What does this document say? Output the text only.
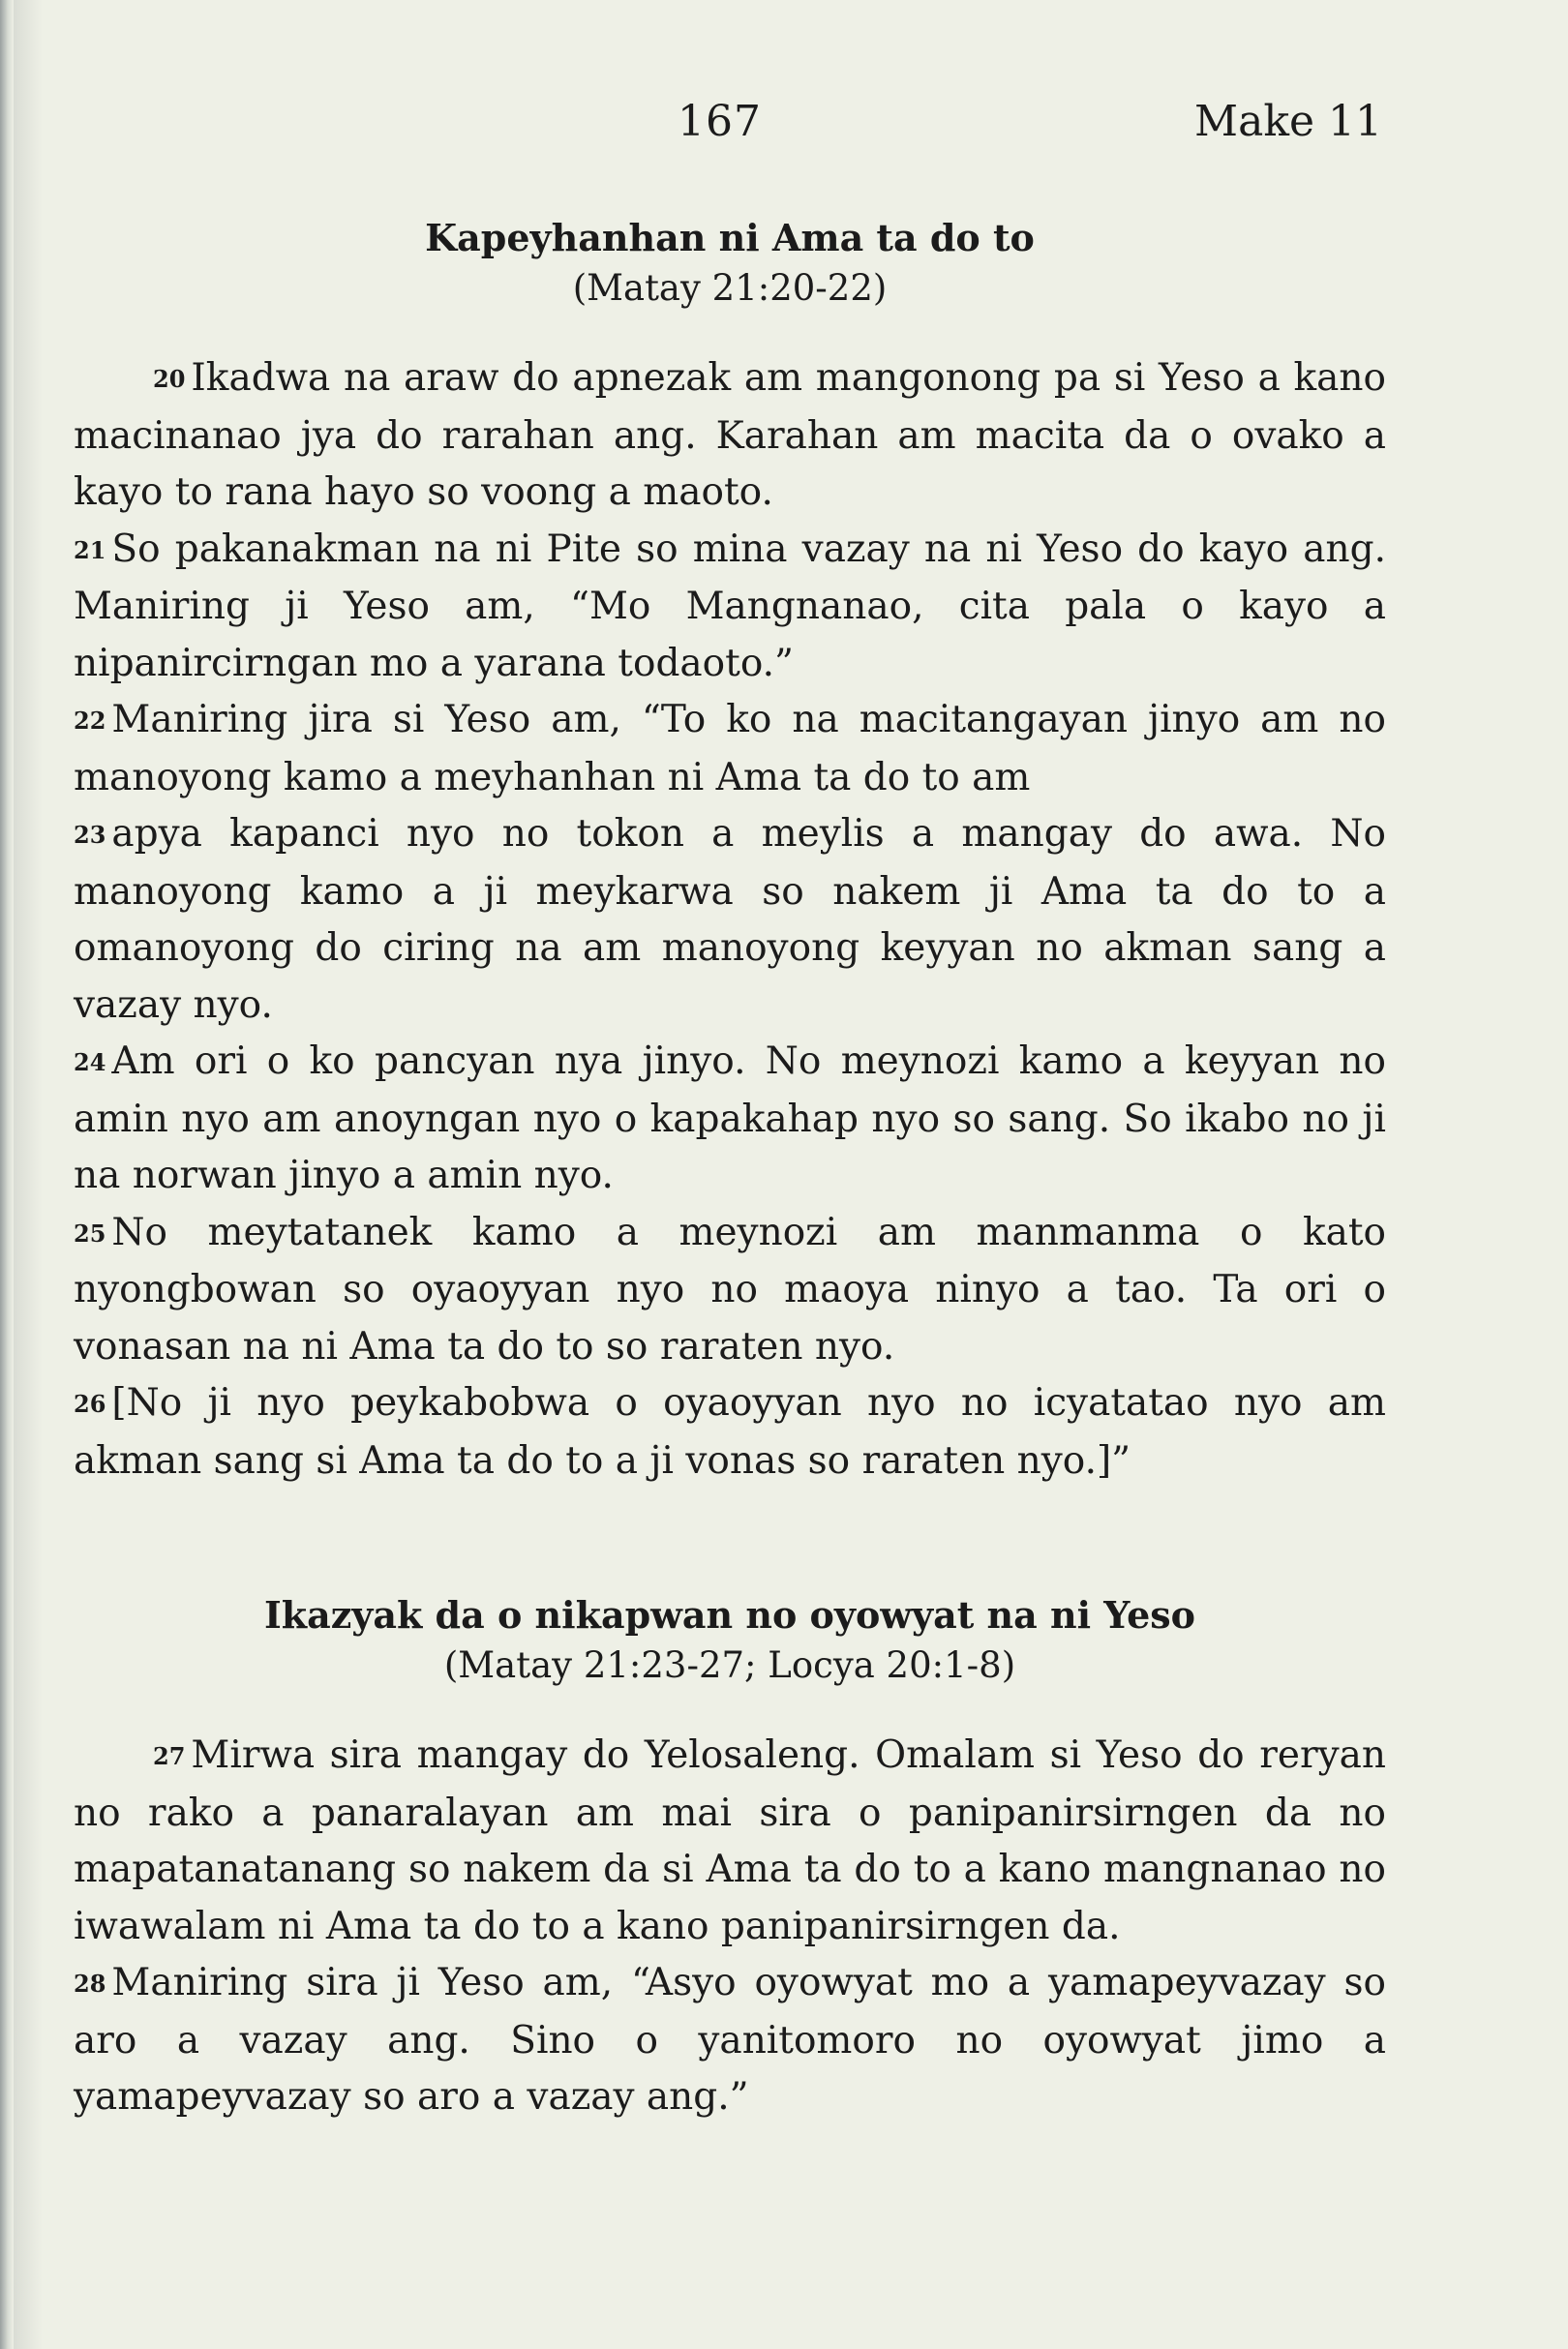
167	Make 11

Kapeyhanhan ni Ama ta do to

(Matay 21:20-22)

20 Ikadwa na araw do apnezak am mangonong pa si Yeso a kano macinanao jya do rarahan ang. Karahan am macita da o ovako a kayo to rana hayo so voong a maoto.
21 So pakanakman na ni Pite so mina vazay na ni Yeso do kayo ang. Maniring ji Yeso am, “Mo Mangnanao, cita pala o kayo a nipanircirngan mo a yarana todaoto.”
22 Maniring jira si Yeso am, “To ko na macitangayan jinyo am no manoyong kamo a meyhanhan ni Ama ta do to am
23 apya kapanci nyo no tokon a meylis a mangay do awa. No manoyong kamo a ji meykarwa so nakem ji Ama ta do to a omanoyong do ciring na am manoyong keyyan no akman sang a vazay nyo.
24 Am ori o ko pancyan nya jinyo. No meynozi kamo a keyyan no amin nyo am anoyngan nyo o kapakahap nyo so sang. So ikabo no ji na norwan jinyo a amin nyo.
25 No meytatanek kamo a meynozi am manmanma o kato nyongbowan so oyaoyyan nyo no maoya ninyo a tao. Ta ori o vonasan na ni Ama ta do to so raraten nyo.
26 [No ji nyo peykabobwa o oyaoyyan nyo no icyatatao nyo am akman sang si Ama ta do to a ji vonas so raraten nyo.]”

Ikazyak da o nikapwan no oyowyat na ni Yeso

(Matay 21:23-27; Locya 20:1-8)

27 Mirwa sira mangay do Yelosaleng. Omalam si Yeso do reryan no rako a panaralayan am mai sira o panipanirsirngen da no mapatanatanang so nakem da si Ama ta do to a kano mangnanao no iwawalam ni Ama ta do to a kano panipanirsirngen da.
28 Maniring sira ji Yeso am, “Asyo oyowyat mo a yamapeyvazay so aro a vazay ang. Sino o yanitomoro no oyowyat jimo a yamapeyvazay so aro a vazay ang.”
